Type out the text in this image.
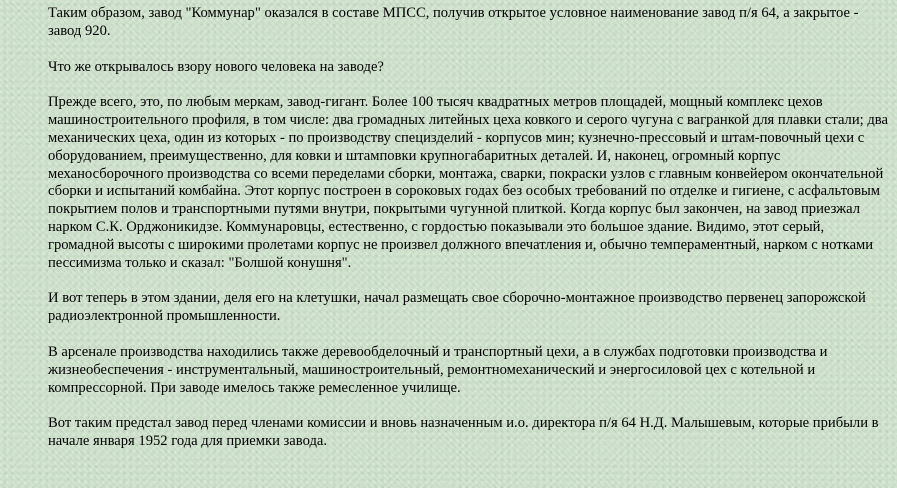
Таким образом, завод "Коммунар" оказался в составе МПСС, получив открытое условное наименование завод п/я 64, а закрытое - завод 920.

Что же открывалось взору нового человека на заводе?

Прежде всего, это, по любым меркам, завод-гигант. Более 100 тысяч квадратных метров площадей, мощный комплекс цехов машиностроительного профиля, в том числе: два громадных литейных цеха ковкого и серого чугуна с вагранкой для плавки стали; два механических цеха, один из которых - по производству специзделий - корпусов мин; кузнечно-прессовый и штам-повочный цехи с оборудованием, преимущественно, для ковки и штамповки крупногабаритных деталей. И, наконец, огромный корпус механосборочного производства со всеми переделами сборки, монтажа, сварки, покраски узлов с главным конвейером окончательной сборки и испытаний комбайна. Этот корпус построен в сороковых годах без особых требований по отделке и гигиене, с асфальтовым покрытием полов и транспортными путями внутри, покрытыми чугунной плиткой. Когда корпус был закончен, на завод приезжал нарком С.К. Орджоникидзе. Коммунаровцы, естественно, с гордостью показывали это большое здание. Видимо, этот серый, громадной высоты с широкими пролетами корпус не произвел должного впечатления и, обычно темпераментный, нарком с нотками пессимизма только и сказал: "Болшой конушня".

И вот теперь в этом здании, деля его на клетушки, начал размещать свое сборочно-монтажное производство первенец запорожской радиоэлектронной промышленности.

В арсенале производства находились также деревообделочный и транспортный цехи, а в службах подготовки производства и жизнеобеспечения - инструментальный, машиностроительный, ремонтномеханический и энергосиловой цех с котельной и компрессорной. При заводе имелось также ремесленное училище.

Вот таким предстал завод перед членами комиссии и вновь назначенным и.о. директора п/я 64 Н.Д. Малышевым, которые прибыли в начале января 1952 года для приемки завода.
